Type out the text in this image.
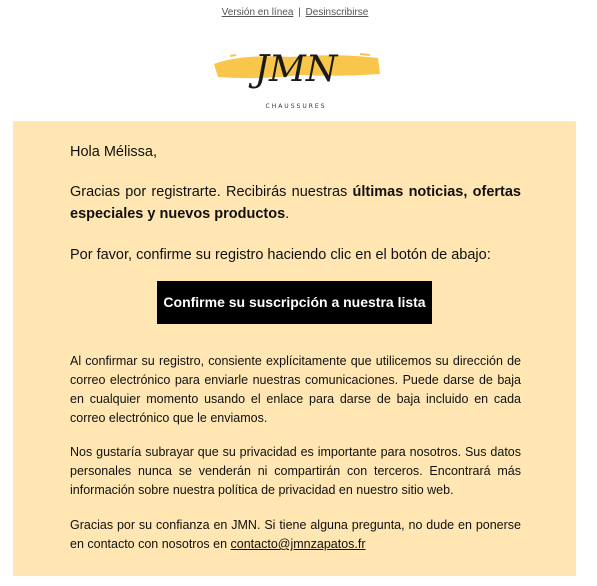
Versión en línea | Desinscribirse
JMN
CHAUSSURES
Hola Mélissa,
Gracias por registrarte. Recibirás nuestras últimas noticias, ofertas especiales y nuevos productos.
Por favor, confirme su registro haciendo clic en el botón de abajo:
Confirme su suscripción a nuestra lista
Al confirmar su registro, consiente explícitamente que utilicemos su dirección de correo electrónico para enviarle nuestras comunicaciones. Puede darse de baja en cualquier momento usando el enlace para darse de baja incluido en cada correo electrónico que le enviamos.
Nos gustaría subrayar que su privacidad es importante para nosotros. Sus datos personales nunca se venderán ni compartirán con terceros. Encontrará más información sobre nuestra política de privacidad en nuestro sitio web.
Gracias por su confianza en JMN. Si tiene alguna pregunta, no dude en ponerse en contacto con nosotros en contacto@jmnzapatos.fr
